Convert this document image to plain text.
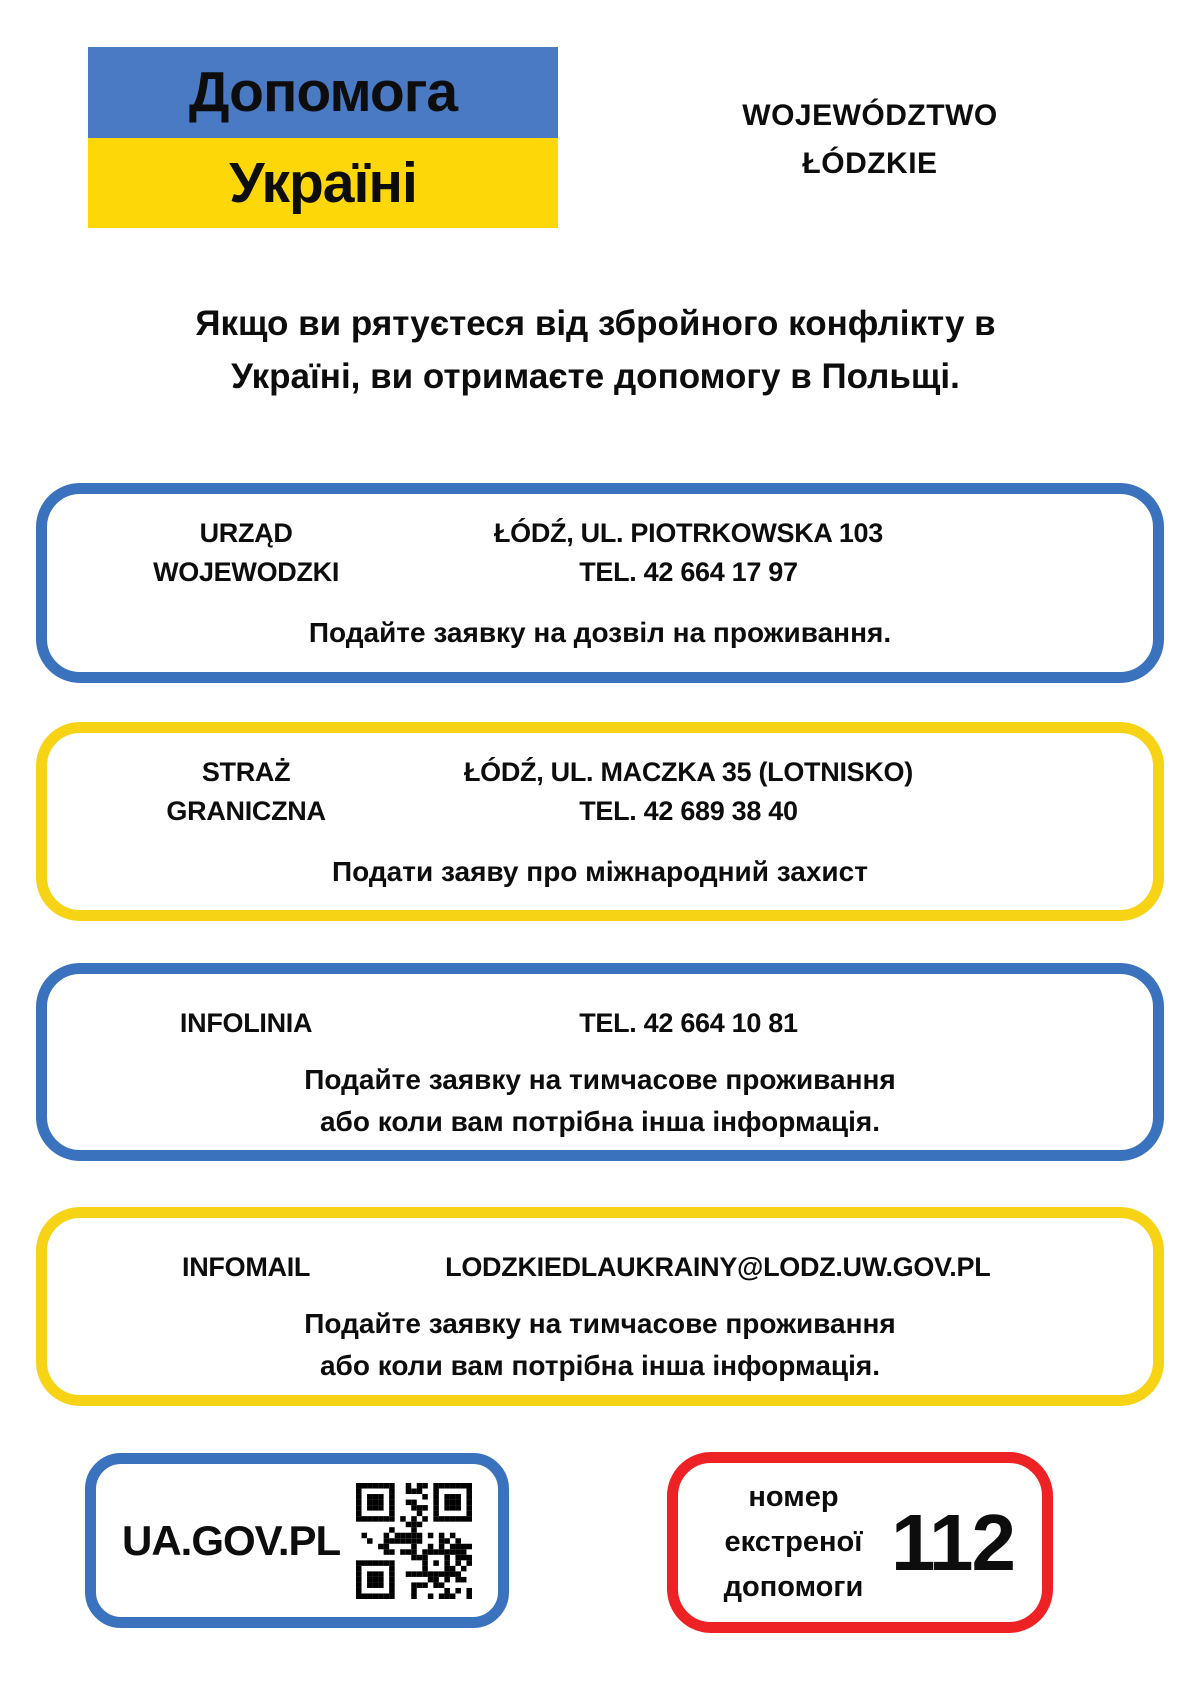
Допомога
Україні
WOJEWÓDZTWO
ŁÓDZKIE
Якщо ви рятуєтеся від збройного конфлікту в
Україні, ви отримаєте допомогу в Польщі.
URZĄD
WOJEWODZKI
ŁÓDŹ, UL. PIOTRKOWSKA 103
TEL. 42 664 17 97
Подайте заявку на дозвіл на проживання.
STRAŻ
GRANICZNA
ŁÓDŹ, UL. MACZKA 35 (LOTNISKO)
TEL. 42 689 38 40
Подати заяву про міжнародний захист
INFOLINIA	TEL. 42 664 10 81
Подайте заявку на тимчасове проживання
або коли вам потрібна інша інформація.
INFOMAIL	LODZKIEDLAUKRAINY@LODZ.UW.GOV.PL
Подайте заявку на тимчасове проживання
або коли вам потрібна інша інформація.
UA.GOV.PL
номер
екстреної
допомоги
112
